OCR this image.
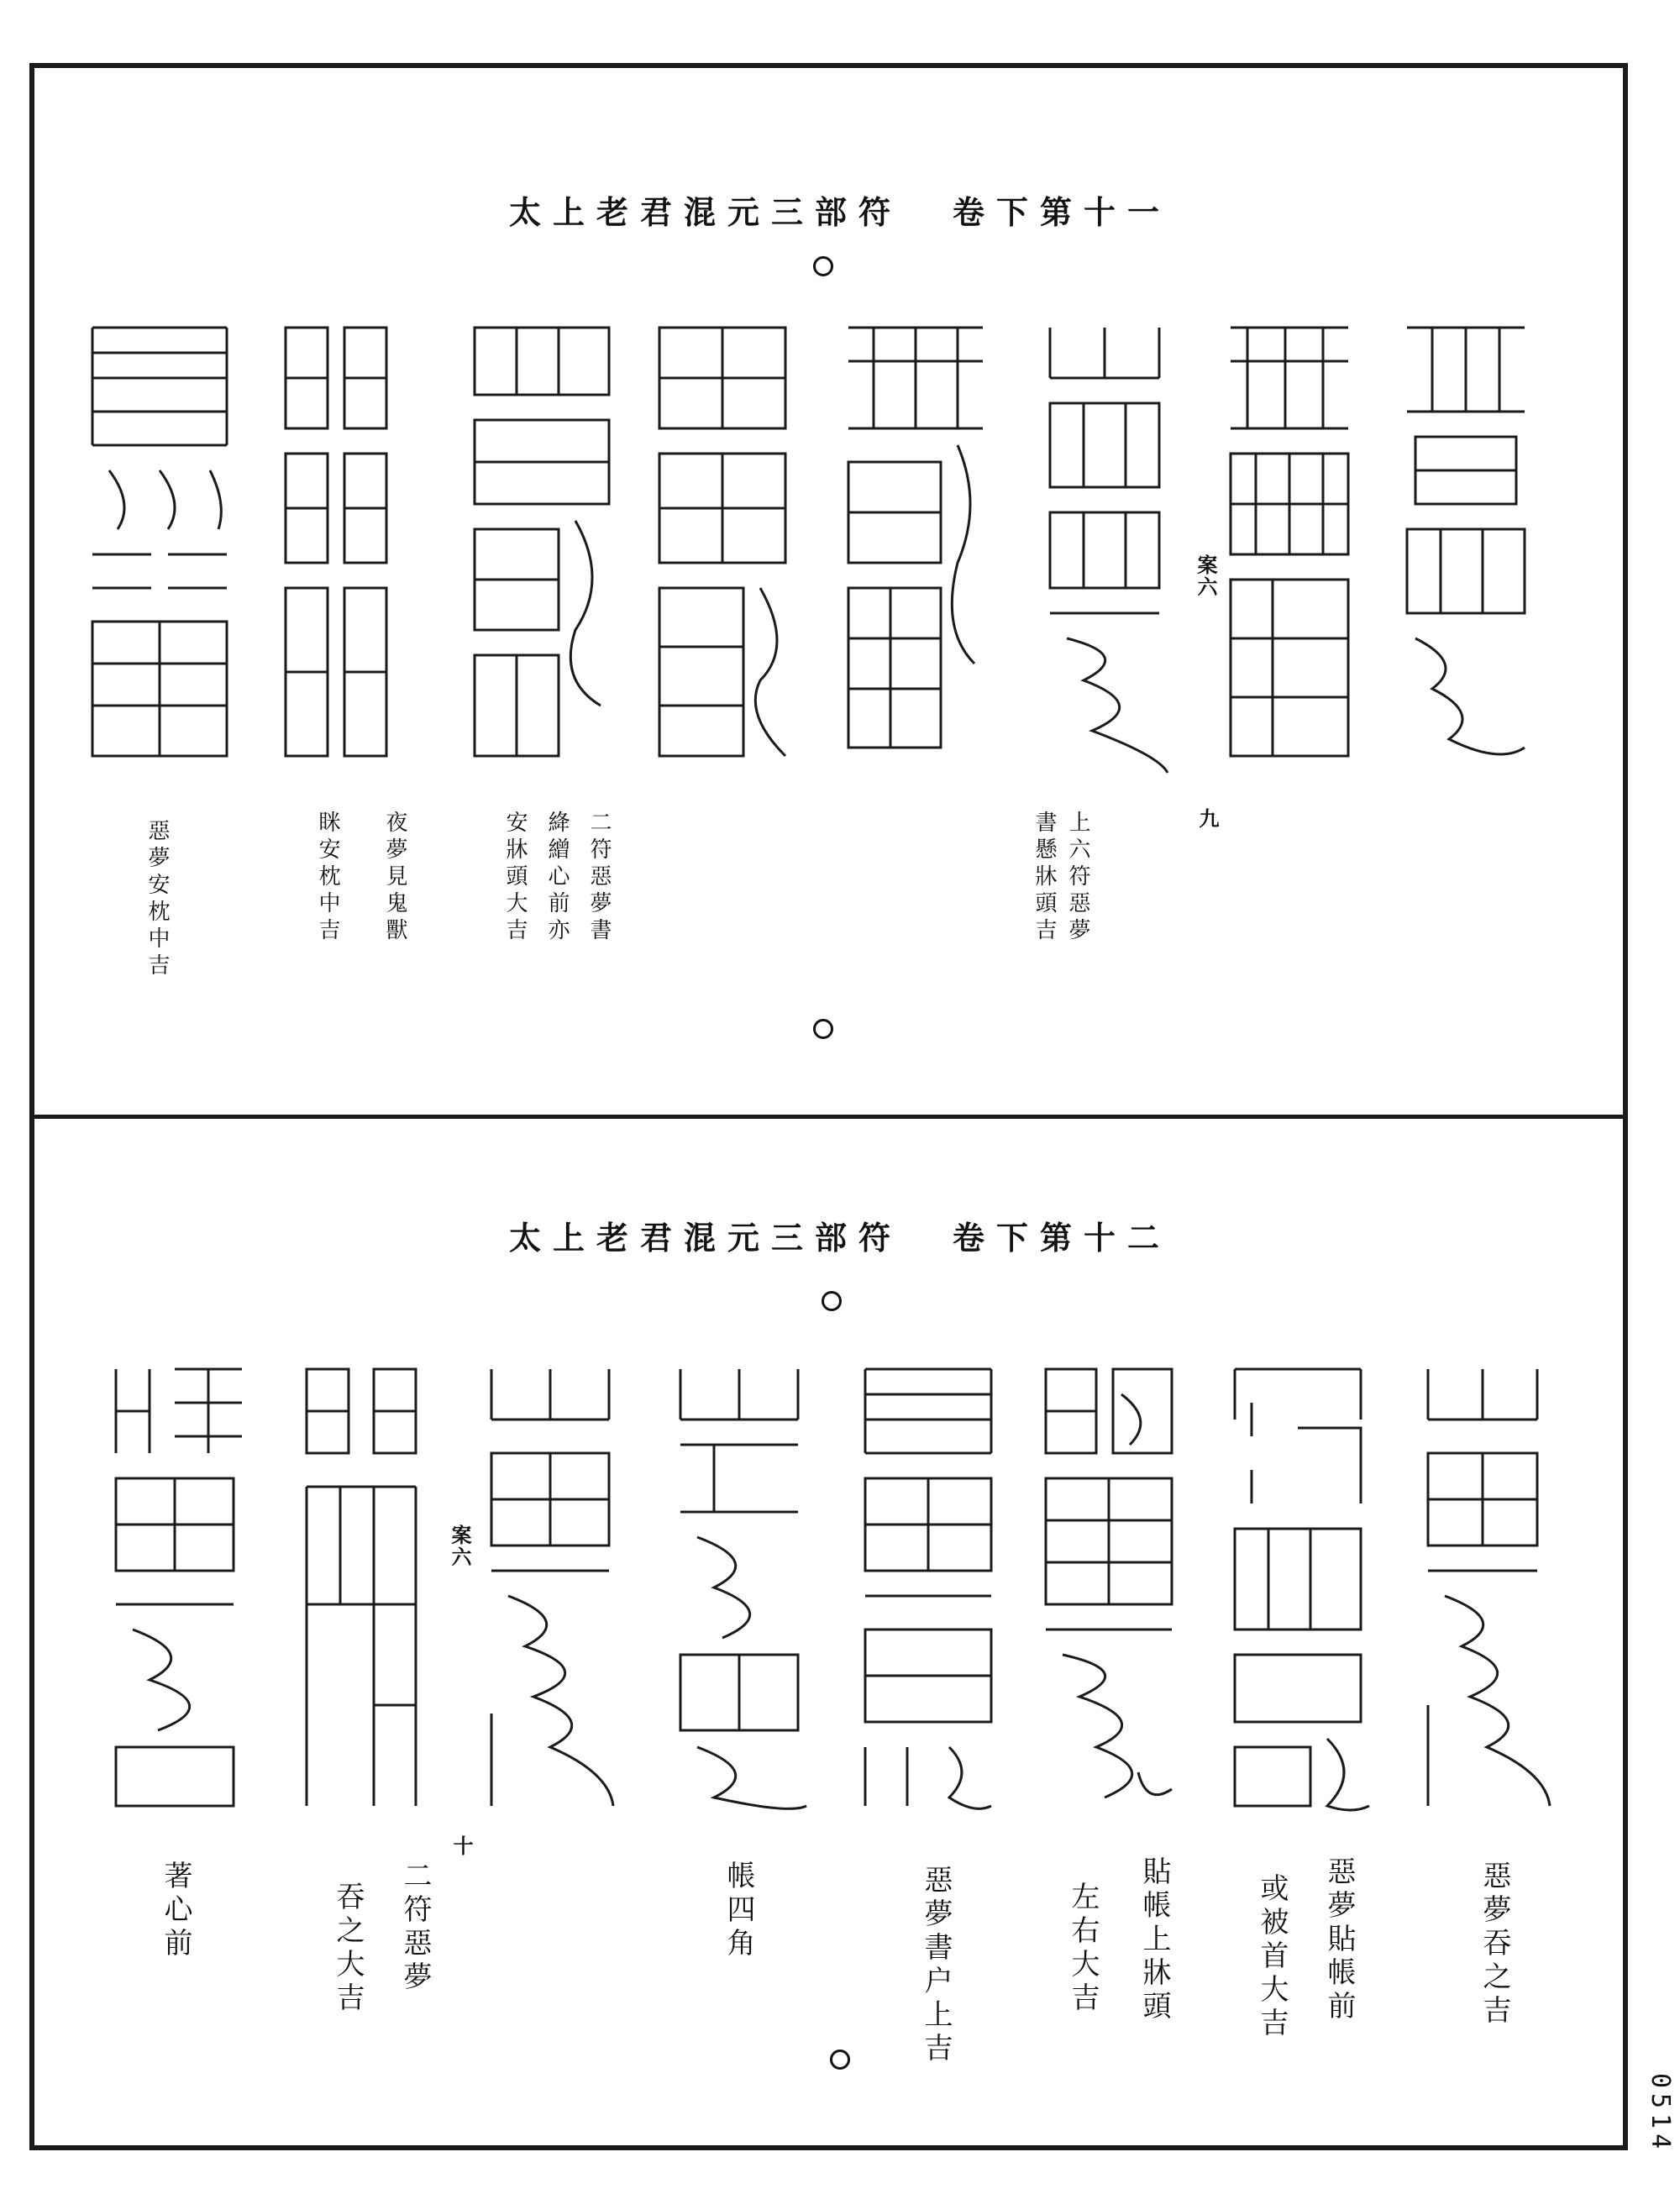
太上老君混元三部符 卷下第十一
上六符惡夢
書懸牀頭吉
二符惡夢書
絳繒心前亦
安牀頭大吉
夜夢見鬼獸
眯安枕中吉
惡夢安枕中吉	九
案六
太上老君混元三部符 卷下第十二
惡夢吞之吉
惡夢貼帳前
或被首大吉
貼帳上牀頭
左右大吉
惡夢書户上吉
帳四角
二符惡夢
吞之大吉
著心前
十
案六
0514
